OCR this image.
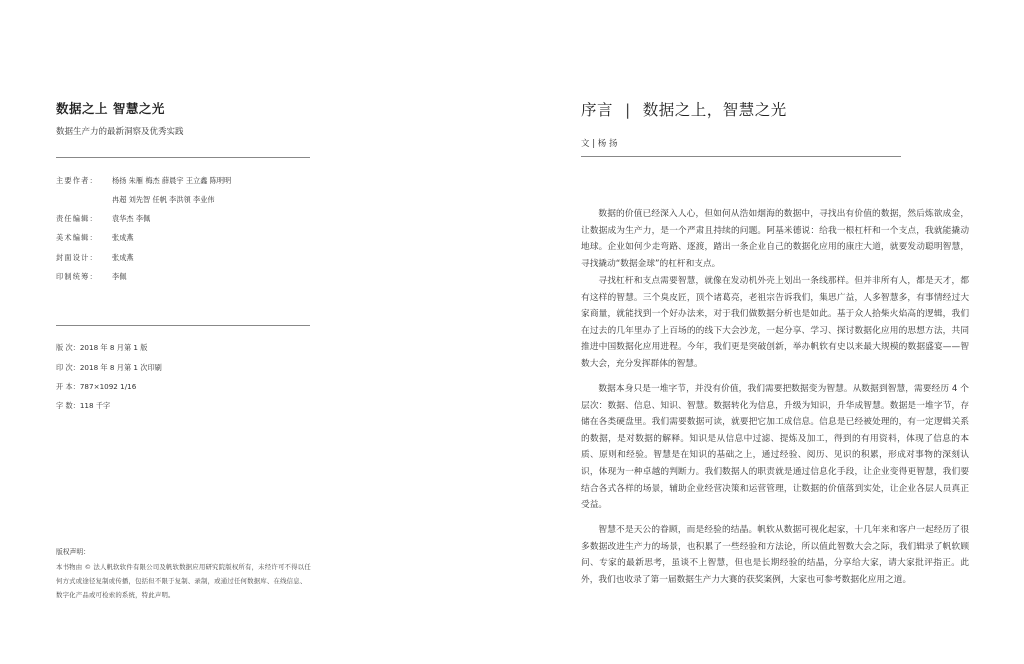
数据之上 智慧之光
数据生产力的最新洞察及优秀实践
主要作者： 杨扬 朱雁 梅杰 薛晨宇 王立鑫 陈明明
冉超 刘先智 任帆 李洪領 李业伟
责任编辑： 袁华杰 李佩
美术编辑： 张成燕
封面设计： 张成燕
印制统筹： 李佩
版 次：2018 年 8 月第 1 版
印 次：2018 年 8 月第 1 次印刷
开 本：787×1092 1/16
字 数：118 千字
版权声明：
本书物由 © 法人帆软软件有限公司及帆软数据应用研究院版权所有，未经许可不得以任何方式或途径复制或传播，包括但不限于复制、录制，或通过任何数据库、在线信息、数字化产品或可检索的系统，特此声明。
序言 | 数据之上，智慧之光
文 | 杨 扬
数据的价值已经深入人心，但如何从浩如烟海的数据中，寻找出有价值的数据，然后炼欲成金，让数据成为生产力，是一个严肃且持续的问题。阿基米德说：给我一根杠杆和一个支点，我就能撬动地球。企业如何少走弯路、逐渡，踏出一条企业自己的数据化应用的康庄大道，就要发动聪明智慧，寻找撬动“数据金球”的杠杆和支点。
寻找杠杆和支点需要智慧，就像在发动机外壳上划出一条线那样。但并非所有人，都是天才，都有这样的智慧。三个臭皮匠，顶个诸葛亮，老祖宗告诉我们，集思广益，人多智慧多，有事情经过大家商量，就能找到一个好办法来，对于我们做数据分析也是如此。基于众人拾柴火焰高的逻辑，我们在过去的几年里办了上百场的的线下大会沙龙，一起分享、学习、探讨数据化应用的思想方法，共同推进中国数据化应用进程。今年，我们更是突破创新，举办帆软有史以来最大规模的数据盛宴——智数大会，充分发挥群体的智慧。
数据本身只是一堆字节，并没有价值，我们需要把数据变为智慧。从数据到智慧，需要经历 4 个层次：数据、信息、知识、智慧。数据转化为信息，升级为知识，升华成智慧。数据是一堆字节，存储在各类硬盘里。我们需要数据可读，就要把它加工成信息。信息是已经被处理的，有一定逻辑关系的数据，是对数据的解释。知识是从信息中过滤、提炼及加工，得到的有用资料，体现了信息的本质、原则和经验。智慧是在知识的基础之上，通过经验、阅历、见识的积累，形成对事物的深刻认识，体现为一种卓越的判断力。我们数据人的职责就是通过信息化手段，让企业变得更智慧，我们要结合各式各样的场景，辅助企业经营决策和运营管理，让数据的价值落到实处，让企业各层人员真正受益。
智慧不是天公的眷顾，而是经验的结晶。帆软从数据可视化起家，十几年来和客户一起经历了很多数据改进生产力的场景，也积累了一些经验和方法论，所以值此智数大会之际，我们辑录了帆软顾问、专家的最新思考，虽谈不上智慧，但也是长期经验的结晶，分享给大家，请大家批评指正。此外，我们也收录了第一届数据生产力大赛的获奖案例，大家也可参考数据化应用之道。
